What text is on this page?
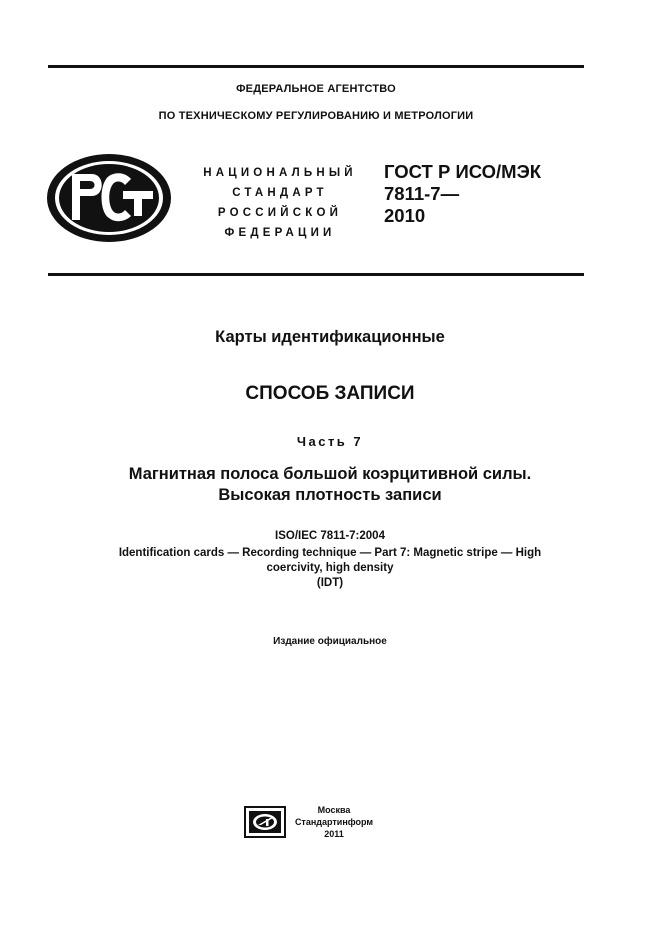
ФЕДЕРАЛЬНОЕ АГЕНТСТВО
ПО ТЕХНИЧЕСКОМУ РЕГУЛИРОВАНИЮ И МЕТРОЛОГИИ
НАЦИОНАЛЬНЫЙ
СТАНДАРТ
РОССИЙСКОЙ
ФЕДЕРАЦИИ
ГОСТ Р ИСО/МЭК
7811-7—
2010
Карты идентификационные
СПОСОБ ЗАПИСИ
Часть 7
Магнитная полоса большой коэрцитивной силы.
Высокая плотность записи
ISO/IEC 7811-7:2004
Identification cards — Recording technique — Part 7: Magnetic stripe — High
coercivity, high density
(IDT)
Издание официальное
Москва
Стандартинформ
2011
